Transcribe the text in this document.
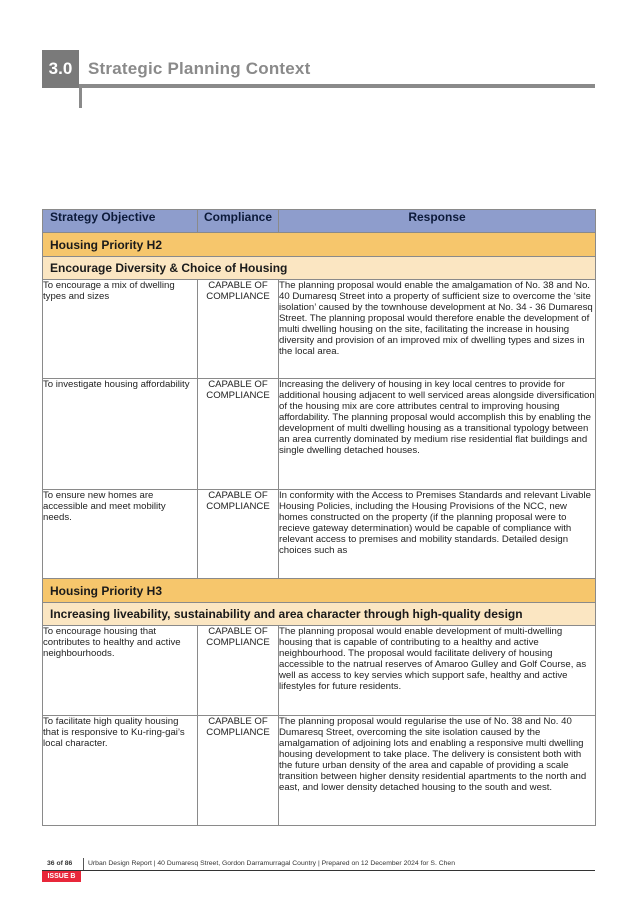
3.0 Strategic Planning Context
Strategy Objective	Compliance	Response
Housing Priority H2		
Encourage Diversity & Choice of Housing		
To encourage a mix of dwelling types and sizes	CAPABLE OF COMPLIANCE	The planning proposal would enable the amalgamation of No. 38 and No. 40 Dumaresq Street into a property of sufficient size to overcome the ‘site isolation’ caused by the townhouse development at No. 34 - 36 Dumaresq Street. The planning proposal would therefore enable the development of multi dwelling housing on the site, facilitating the increase in housing diversity and provision of an improved mix of dwelling types and sizes in the local area.
To investigate housing affordability	CAPABLE OF COMPLIANCE	Increasing the delivery of housing in key local centres to provide for additional housing adjacent to well serviced areas alongside diversification of the housing mix are core attributes central to improving housing affordability. The planning proposal would accomplish this by enabling the development of multi dwelling housing as a transitional typology between an area currently dominated by medium rise residential flat buildings and single dwelling detached houses.
To ensure new homes are accessible and meet mobility needs.	CAPABLE OF COMPLIANCE	In conformity with the Access to Premises Standards and relevant Livable Housing Policies, including the Housing Provisions of the NCC, new homes constructed on the property (if the planning proposal were to recieve gateway determination) would be capable of compliance with relevant access to premises and mobility standards. Detailed design choices such as
Housing Priority H3		
Increasing liveability, sustainability and area character through high-quality design		
To encourage housing that contributes to healthy and active neighbourhoods.	CAPABLE OF COMPLIANCE	The planning proposal would enable development of multi-dwelling housing that is capable of contributing to a healthy and active neighbourhood. The proposal would facilitate delivery of housing accessible to the natrual reserves of Amaroo Gulley and Golf Course, as well as access to key servies which support safe, healthy and active lifestyles for future residents.
To facilitate high quality housing that is responsive to Ku-ring-gai’s local character.	CAPABLE OF COMPLIANCE	The planning proposal would regularise the use of No. 38 and No. 40 Dumaresq Street, overcoming the site isolation caused by the amalgamation of adjoining lots and enabling a responsive multi dwelling housing development to take place. The delivery is consistent both with the future urban density of the area and capable of providing a scale transition between higher density residential apartments to the north and east, and lower density detached housing to the south and west.
36 of 86 Urban Design Report | 40 Dumaresq Street, Gordon Darramurragal Country | Prepared on 12 December 2024 for S. Chen
ISSUE B
